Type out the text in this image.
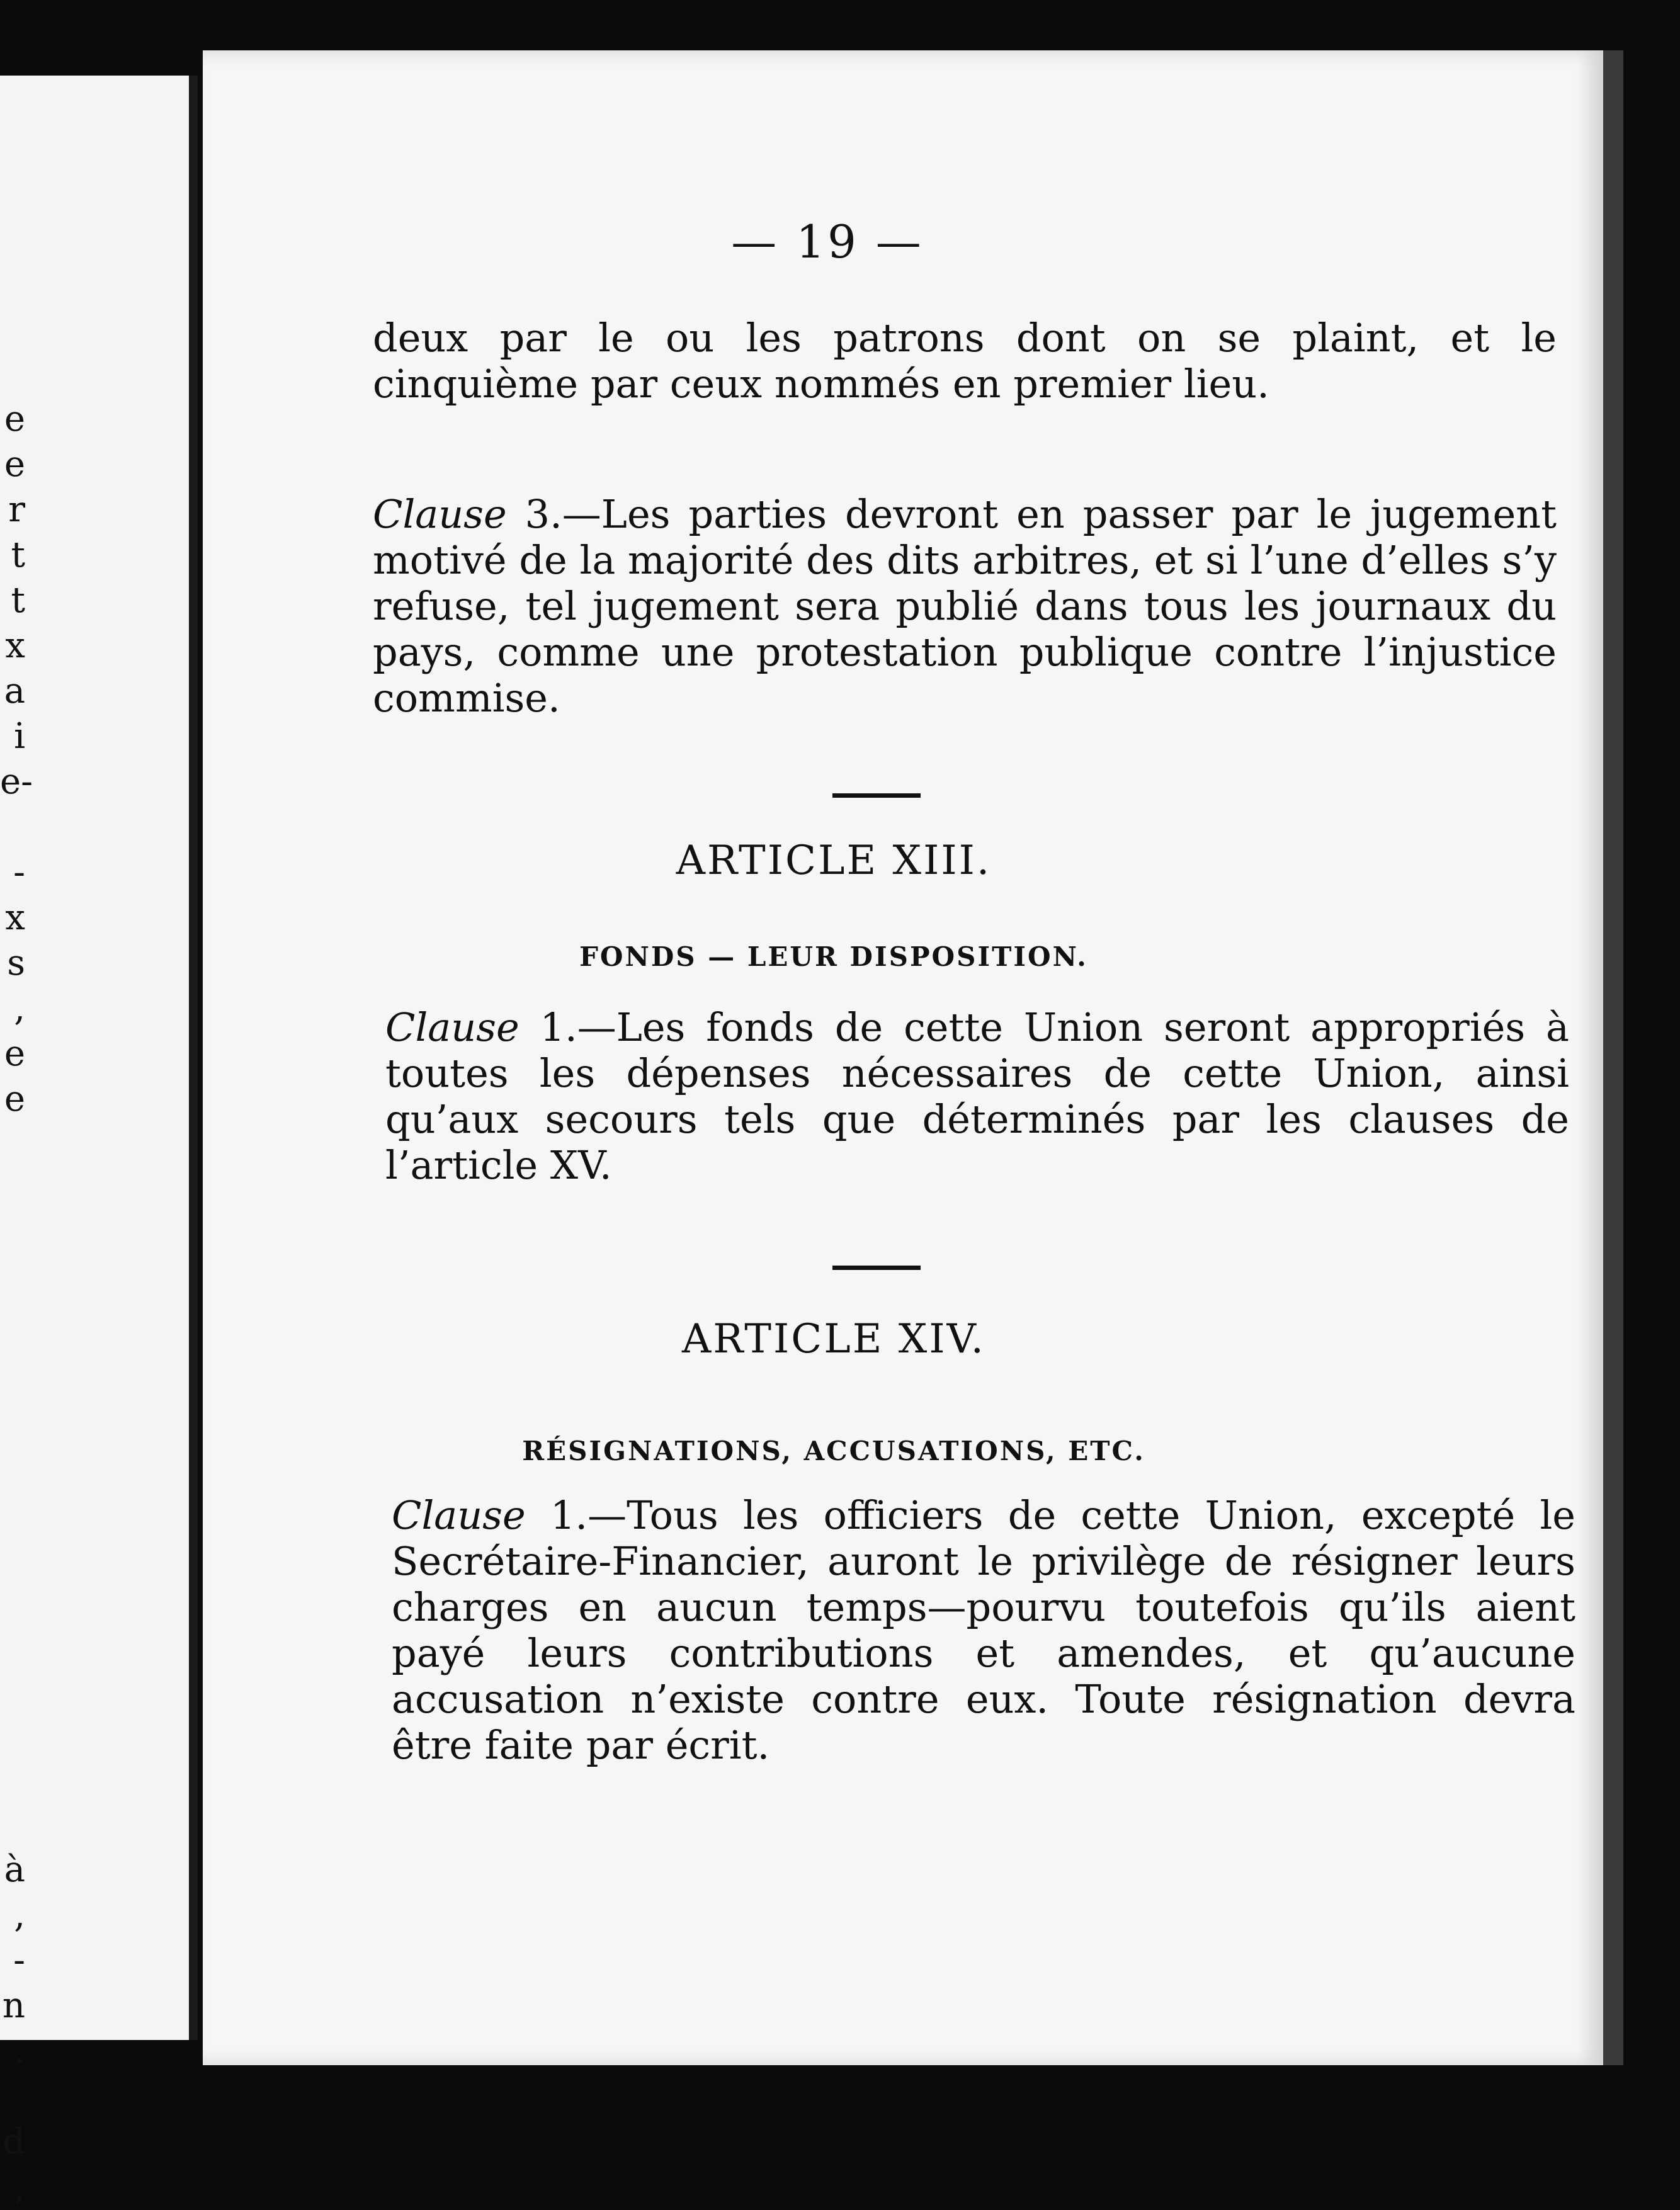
e
e
r
t
t
x
a
i
e-
-
x
s
,
e
e
à
,
-
n
.
d
,
— 19 —

deux par le ou les patrons dont on se plaint, et le cinquième par ceux nommés en premier lieu.

Clause 3.—Les parties devront en passer par le jugement motivé de la majorité des dits arbitres, et si l’une d’elles s’y refuse, tel jugement sera publié dans tous les journaux du pays, comme une protestation publique contre l’injustice commise.

ARTICLE XIII.
FONDS — LEUR DISPOSITION.

Clause 1.—Les fonds de cette Union seront appropriés à toutes les dépenses nécessaires de cette Union, ainsi qu’aux secours tels que déterminés par les clauses de l’article XV.

ARTICLE XIV.
RÉSIGNATIONS, ACCUSATIONS, ETC.

Clause 1.—Tous les officiers de cette Union, excepté le Secrétaire-Financier, auront le privilège de résigner leurs charges en aucun temps—pourvu toutefois qu’ils aient payé leurs contributions et amendes, et qu’aucune accusation n’existe contre eux. Toute résignation devra être faite par écrit.
